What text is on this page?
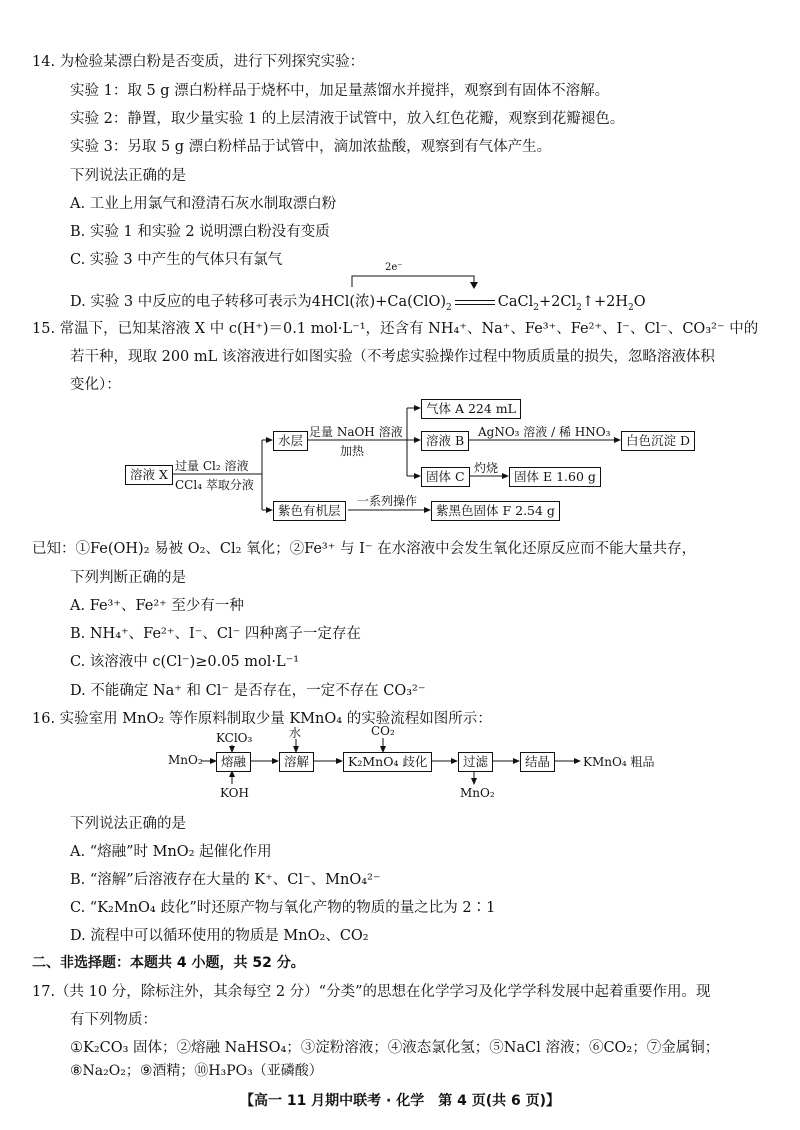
14. 为检验某漂白粉是否变质，进行下列探究实验：
实验 1：取 5 g 漂白粉样品于烧杯中，加足量蒸馏水并搅拌，观察到有固体不溶解。
实验 2：静置，取少量实验 1 的上层清液于试管中，放入红色花瓣，观察到花瓣褪色。
实验 3：另取 5 g 漂白粉样品于试管中，滴加浓盐酸，观察到有气体产生。
下列说法正确的是
A. 工业上用氯气和澄清石灰水制取漂白粉
B. 实验 1 和实验 2 说明漂白粉没有变质
C. 实验 3 中产生的气体只有氯气	2e⁻
D. 实验 3 中反应的电子转移可表示为4HCl(浓)$+Ca(ClO)_2$	$CaCl_2+2Cl_2↑+2H_2O$
15. 常温下，已知某溶液 X 中 c(H⁺)＝0.1 mol·L⁻¹，还含有 NH₄⁺、Na⁺、Fe³⁺、Fe²⁺、I⁻、Cl⁻、CO₃²⁻ 中的
若干种，现取 200 mL 该溶液进行如图实验（不考虑实验操作过程中物质质量的损失，忽略溶液体积
变化）：
溶液 X
过量 Cl₂ 溶液
CCl₄ 萃取分液
水层
足量 NaOH 溶液
加热
气体 A 224 mL
溶液 B
AgNO₃ 溶液 / 稀 HNO₃
白色沉淀 D
固体 C
灼烧
固体 E 1.60 g
紫色有机层
一系列操作
紫黑色固体 F 2.54 g
已知：①Fe(OH)₂ 易被 O₂、Cl₂ 氧化；②Fe³⁺ 与 I⁻ 在水溶液中会发生氧化还原反应而不能大量共存，
下列判断正确的是
A. Fe³⁺、Fe²⁺ 至少有一种
B. NH₄⁺、Fe²⁺、I⁻、Cl⁻ 四种离子一定存在
C. 该溶液中 c(Cl⁻)≥0.05 mol·L⁻¹
D. 不能确定 Na⁺ 和 Cl⁻ 是否存在，一定不存在 CO₃²⁻
16. 实验室用 MnO₂ 等作原料制取少量 KMnO₄ 的实验流程如图所示：
MnO₂
KClO₃
熔融
KOH
水
溶解
CO₂
K₂MnO₄ 歧化	过滤
MnO₂
结晶	KMnO₄ 粗品
下列说法正确的是
A. “熔融”时 MnO₂ 起催化作用
B. “溶解”后溶液存在大量的 K⁺、Cl⁻、MnO₄²⁻
C. “K₂MnO₄ 歧化”时还原产物与氧化产物的物质的量之比为 2∶1
D. 流程中可以循环使用的物质是 MnO₂、CO₂
二、非选择题：本题共 4 小题，共 52 分。
17.（共 10 分，除标注外，其余每空 2 分）“分类”的思想在化学学习及化学学科发展中起着重要作用。现
有下列物质：
①K₂CO₃ 固体；②熔融 NaHSO₄；③淀粉溶液；④液态氯化氢；⑤NaCl 溶液；⑥CO₂；⑦金属铜；
⑧Na₂O₂；⑨酒精；⑩H₃PO₃（亚磷酸）
【高一 11 月期中联考 · 化学　第 4 页(共 6 页)】
